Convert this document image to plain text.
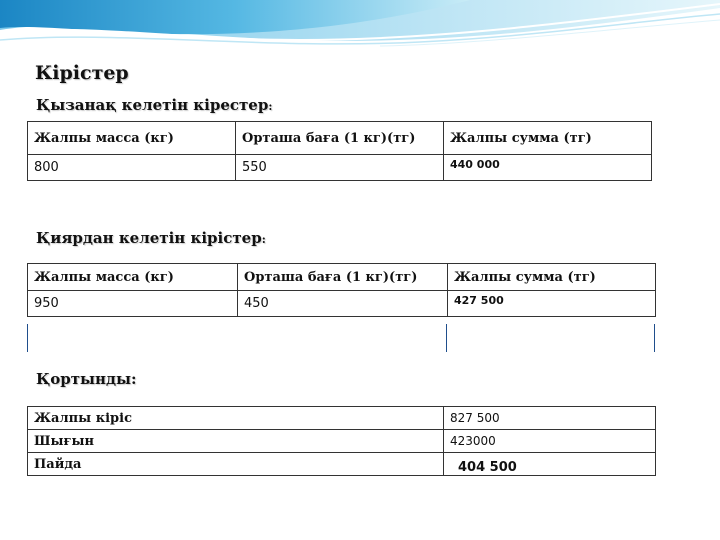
Кірістер
Қызанақ келетін кірестер:
Жалпы масса (кг)	Орташа баға (1 кг)(тг)	Жалпы сумма (тг)
800	550	440 000
Қиярдан келетін кірістер:
Жалпы масса (кг)	Орташа баға (1 кг)(тг)	Жалпы сумма (тг)
950	450	427 500
Қортынды:
Жалпы кіріс	827 500
Шығын	423000
Пайда	404 500
